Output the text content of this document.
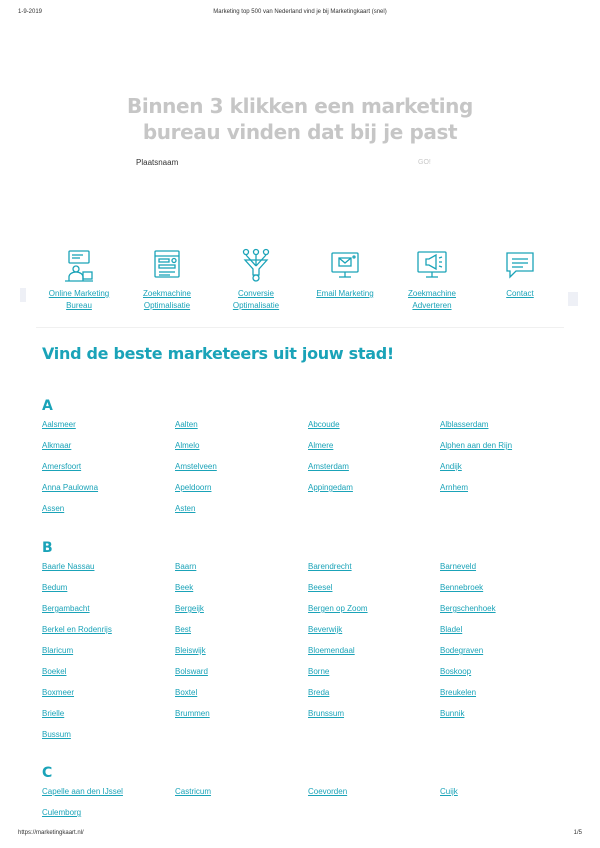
1-9-2019	Marketing top 500 van Nederland vind je bij Marketingkaart (snel)
Binnen 3 klikken een marketing
bureau vinden dat bij je past
Plaatsnaam
GO!
Online Marketing
Bureau
Zoekmachine
Optimalisatie
Conversie
Optimalisatie
Email Marketing	Zoekmachine
Adverteren
Contact
Vind de beste marketeers uit jouw stad!
A
Aalsmeer	Aalten	Abcoude	Alblasserdam
Alkmaar	Almelo	Almere	Alphen aan den Rijn
Amersfoort	Amstelveen	Amsterdam	Andijk
Anna Paulowna	Apeldoorn	Appingedam	Arnhem
Assen	Asten
B
Baarle Nassau	Baarn	Barendrecht	Barneveld
Bedum	Beek	Beesel	Bennebroek
Bergambacht	Bergeijk	Bergen op Zoom	Bergschenhoek
Berkel en Rodenrijs	Best	Beverwijk	Bladel
Blaricum	Bleiswijk	Bloemendaal	Bodegraven
Boekel	Bolsward	Borne	Boskoop
Boxmeer	Boxtel	Breda	Breukelen
Brielle	Brummen	Brunssum	Bunnik
Bussum
C
Capelle aan den IJssel	Castricum	Coevorden	Cuijk
Culemborg
https://marketingkaart.nl/	1/5
